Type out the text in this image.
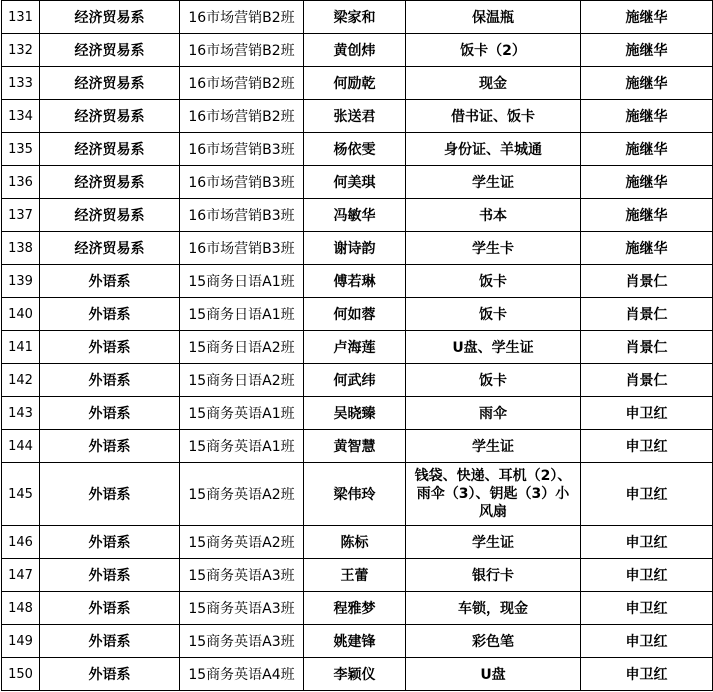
131	经济贸易系	16市场营销B2班	梁家和	保温瓶	施继华
132	经济贸易系	16市场营销B2班	黄创炜	饭卡（2）	施继华
133	经济贸易系	16市场营销B2班	何励乾	现金	施继华
134	经济贸易系	16市场营销B2班	张送君	借书证、饭卡	施继华
135	经济贸易系	16市场营销B3班	杨依雯	身份证、羊城通	施继华
136	经济贸易系	16市场营销B3班	何美琪	学生证	施继华
137	经济贸易系	16市场营销B3班	冯敏华	书本	施继华
138	经济贸易系	16市场营销B3班	谢诗韵	学生卡	施继华
139	外语系	15商务日语A1班	傅若琳	饭卡	肖景仁
140	外语系	15商务日语A1班	何如蓉	饭卡	肖景仁
141	外语系	15商务日语A2班	卢海莲	U盘、学生证	肖景仁
142	外语系	15商务日语A2班	何武纬	饭卡	肖景仁
143	外语系	15商务英语A1班	吴晓臻	雨伞	申卫红
144	外语系	15商务英语A1班	黄智慧	学生证	申卫红
145	外语系	15商务英语A2班	梁伟玲	钱袋、快递、耳机（2）、雨伞（3）、钥匙（3）小风扇	申卫红
146	外语系	15商务英语A2班	陈标	学生证	申卫红
147	外语系	15商务英语A3班	王蕾	银行卡	申卫红
148	外语系	15商务英语A3班	程雅梦	车锁，现金	申卫红
149	外语系	15商务英语A3班	姚建锋	彩色笔	申卫红
150	外语系	15商务英语A4班	李颖仪	U盘	申卫红
